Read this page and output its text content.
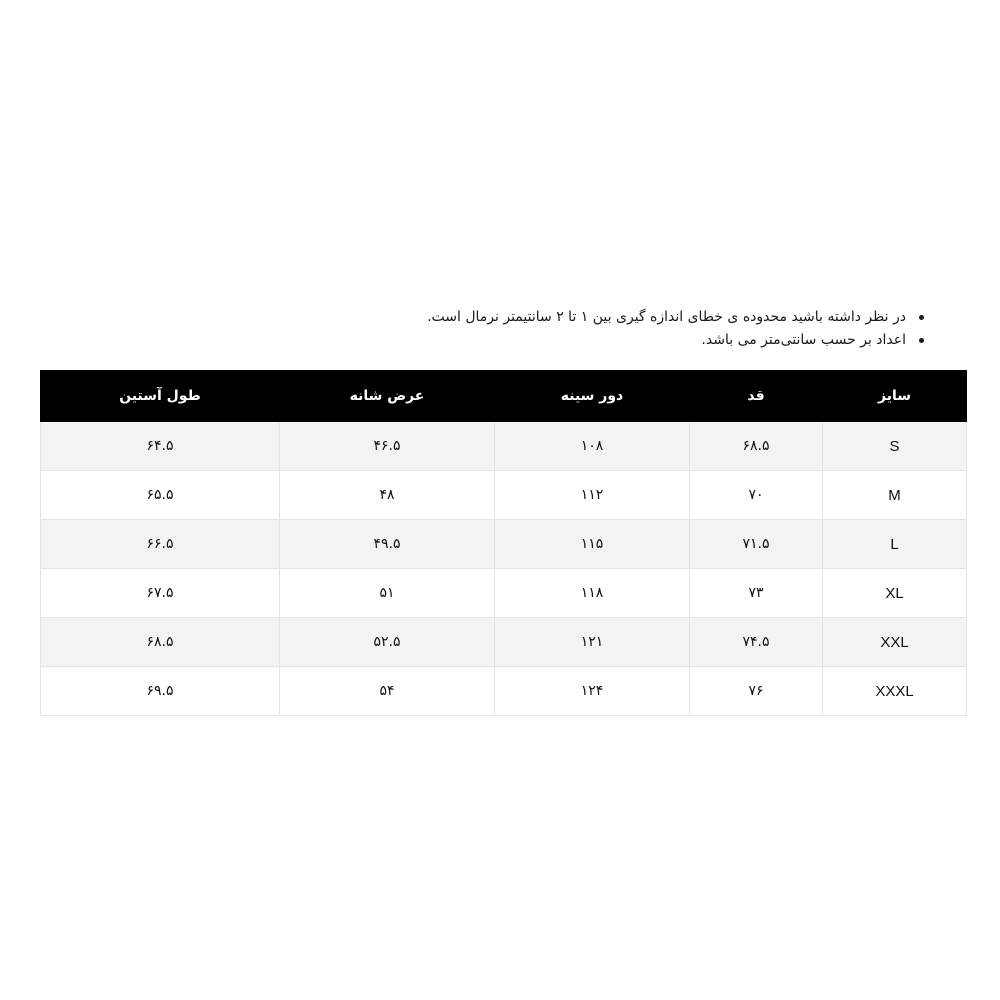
در نظر داشته باشید محدوده ی خطای اندازه گیری بین ۱ تا ۲ سانتیمتر نرمال است.
اعداد بر حسب سانتی‌متر می باشد.
سایز	قد	دور سینه	عرض شانه	طول آستین
S	۶۸.۵	۱۰۸	۴۶.۵	۶۴.۵
M	۷۰	۱۱۲	۴۸	۶۵.۵
L	۷۱.۵	۱۱۵	۴۹.۵	۶۶.۵
XL	۷۳	۱۱۸	۵۱	۶۷.۵
XXL	۷۴.۵	۱۲۱	۵۲.۵	۶۸.۵
XXXL	۷۶	۱۲۴	۵۴	۶۹.۵
